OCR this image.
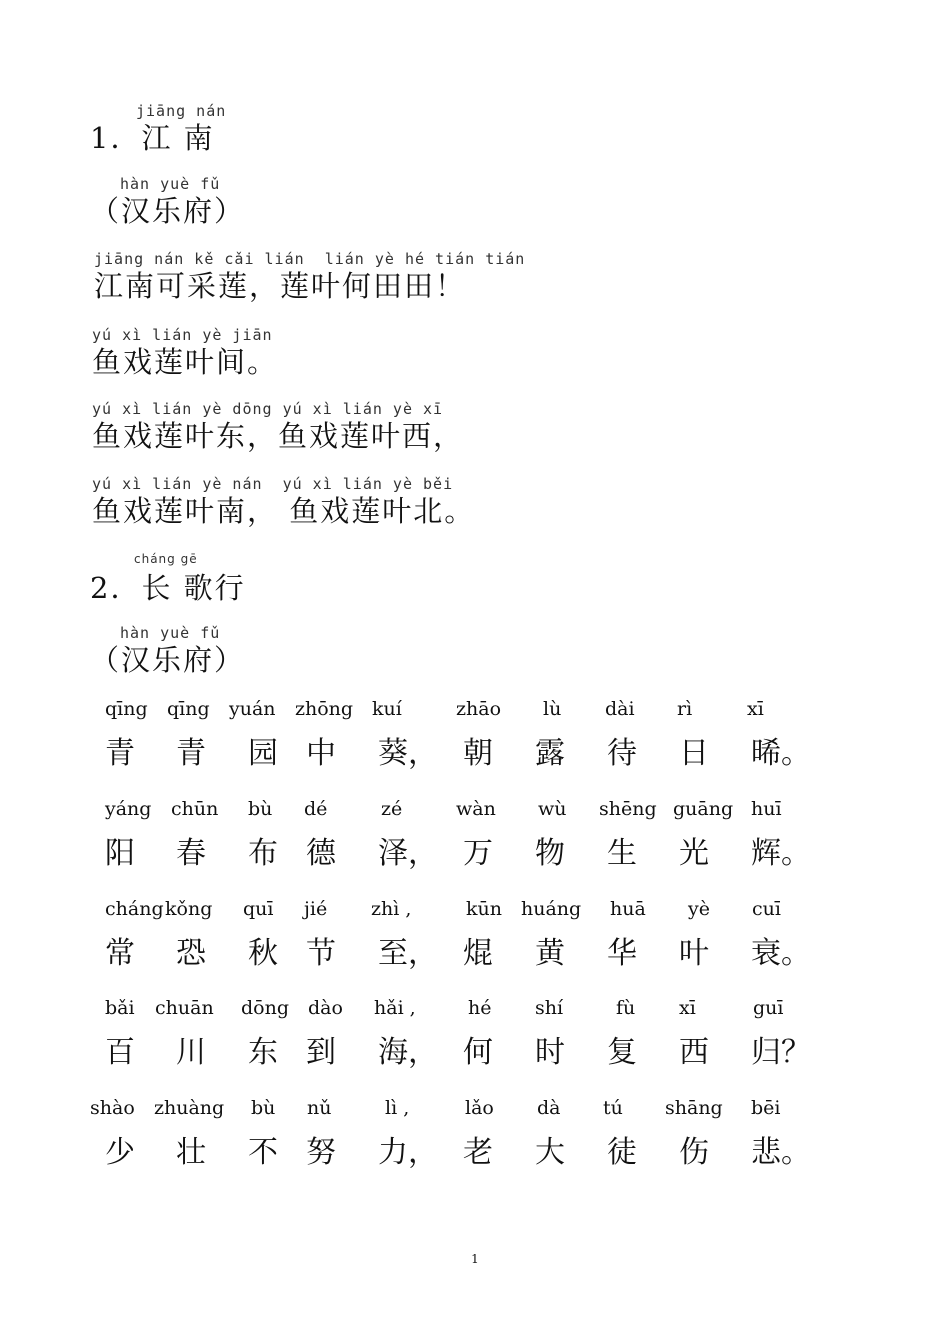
jiāng nán
1．江 南
hàn yuè fǔ
（汉乐府）
jiāng nán kě cǎi lián  lián yè hé tián tián
江南可采莲，莲叶何田田！
yú xì lián yè jiān
鱼戏莲叶间。
yú xì lián yè dōng yú xì lián yè xī
鱼戏莲叶东，鱼戏莲叶西，
yú xì lián yè nán  yú xì lián yè běi
鱼戏莲叶南， 鱼戏莲叶北。
cháng gē
2．长 歌行
hàn yuè fǔ
（汉乐府）
qīng
青
qīng
青
yuán
园
zhōng
中
kuí
葵，
zhāo
朝
lù
露
dài
待
rì
日
xī
晞。
yáng
阳
chūn
春
bù
布
dé
德
zé
泽，
wàn
万
wù
物
shēng
生
guāng
光
huī
辉。
cháng
常
kǒng
恐
quī
秋
jié
节
zhì ,
至，
kūn
焜
huáng
黄
huā
华
yè
叶
cuī
衰。
bǎi
百
chuān
川
dōng
东
dào
到
hǎi ,
海，
hé
何
shí
时
fù
复
xī
西
guī
归？
shào
少
zhuàng
壮
bù
不
nǔ
努
lì ,
力，
lǎo
老
dà
大
tú
徒
shāng
伤
bēi
悲。
1
